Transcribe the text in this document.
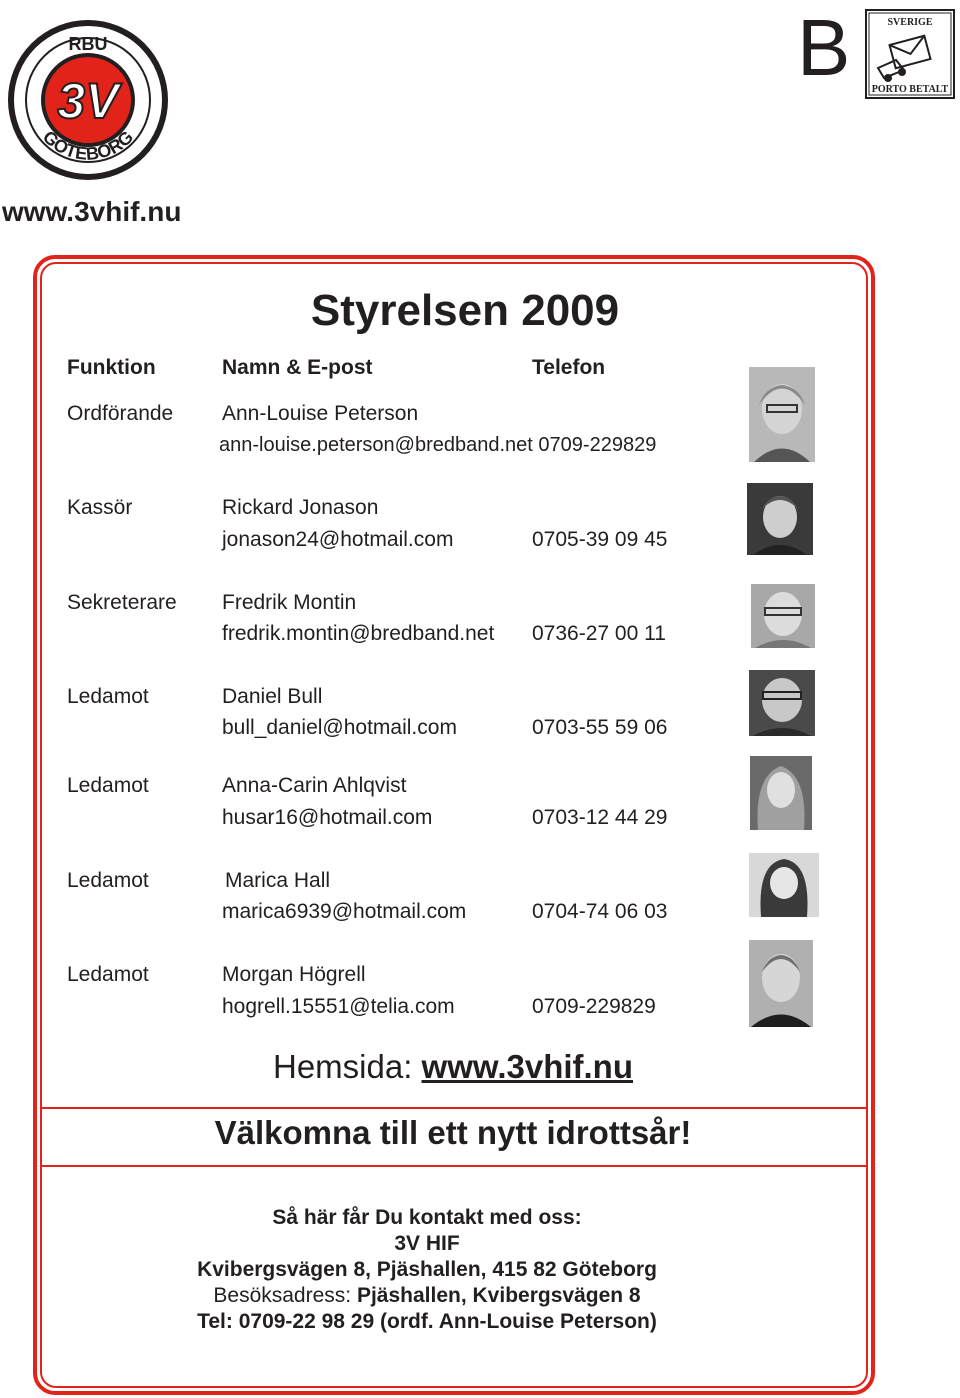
RBU
3V
GÖTEBORG
www.3vhif.nu
B	SVERIGE
PORTO BETALT
Styrelsen 2009
Funktion	Namn & E-post	Telefon
Ordförande Ann-Louise Peterson
ann-louise.peterson@bredband.net 0709-229829
Kassör	Rickard Jonason
jonason24@hotmail.com	0705-39 09 45
Sekreterare Fredrik Montin
fredrik.montin@bredband.net 0736-27 00 11
Ledamot	Daniel Bull
bull_daniel@hotmail.com	0703-55 59 06
Ledamot	Anna-Carin Ahlqvist
husar16@hotmail.com	0703-12 44 29
Ledamot	Marica Hall
marica6939@hotmail.com	0704-74 06 03
Ledamot	Morgan Högrell
hogrell.15551@telia.com	0709-229829
Hemsida: www.3vhif.nu
Välkomna till ett nytt idrottsår!
Så här får Du kontakt med oss:
3V HIF
Kvibergsvägen 8, Pjäshallen, 415 82 Göteborg
Besöksadress: Pjäshallen, Kvibergsvägen 8
Tel: 0709-22 98 29 (ordf. Ann-Louise Peterson)
